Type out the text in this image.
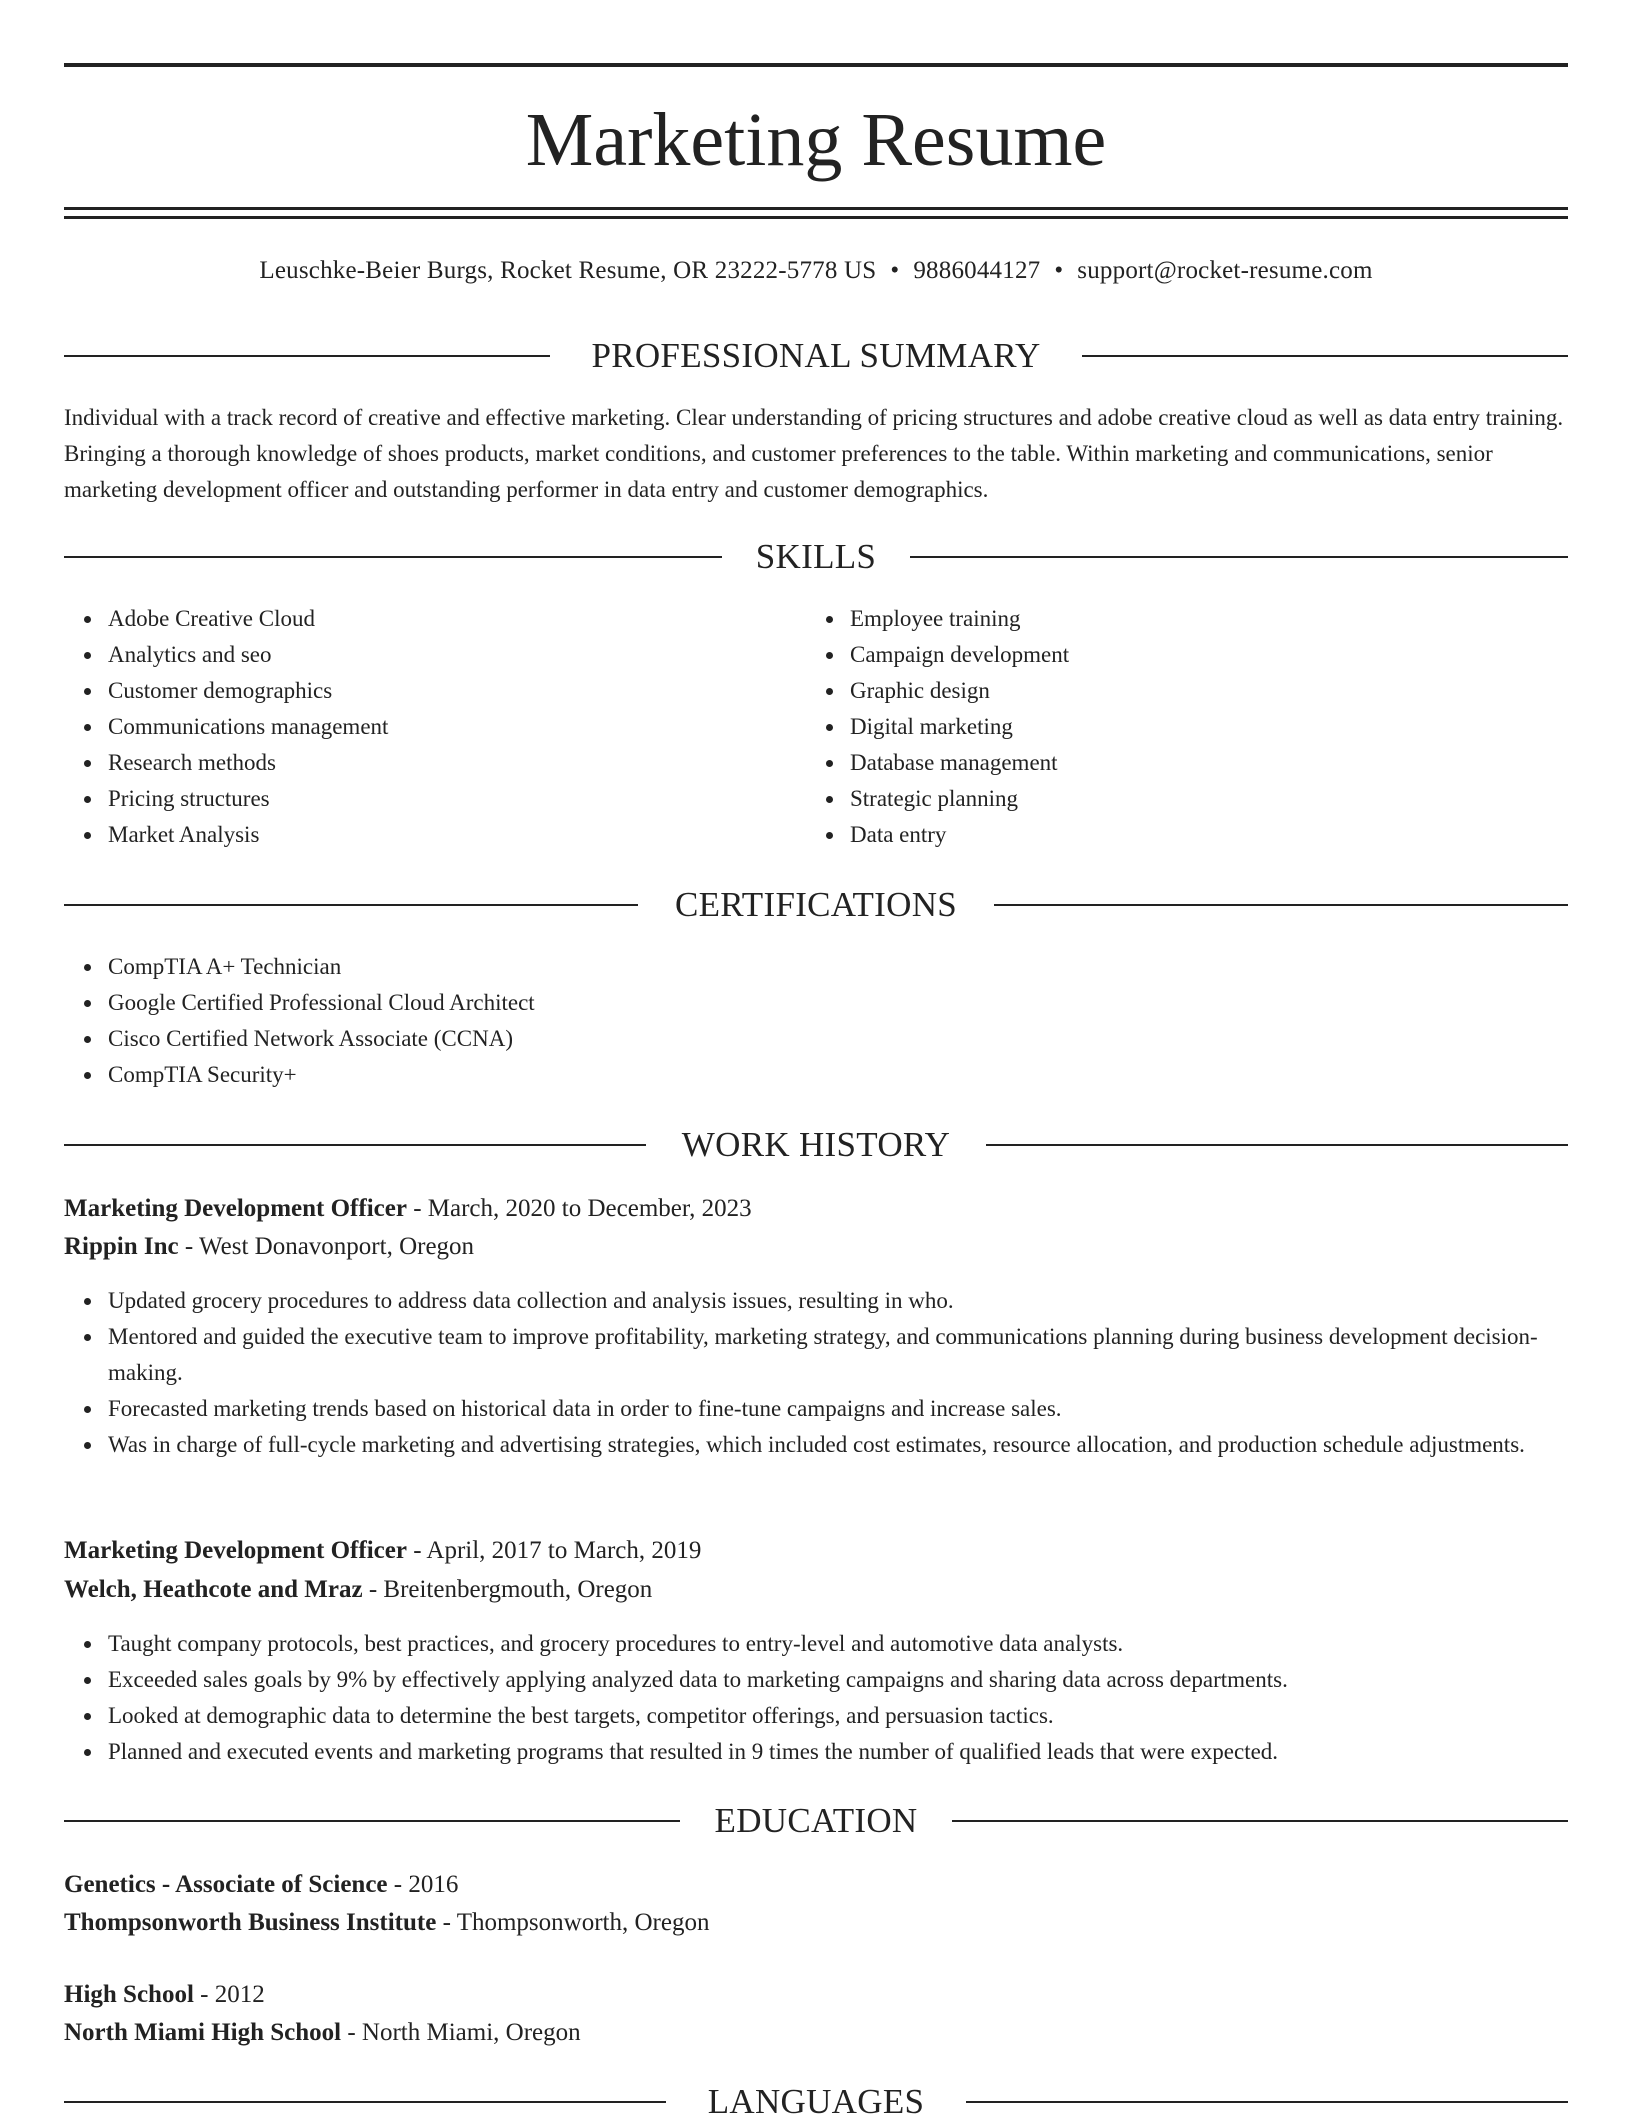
Marketing Resume
Leuschke-Beier Burgs, Rocket Resume, OR 23222-5778 US • 9886044127 • support@rocket-resume.com
PROFESSIONAL SUMMARY
Individual with a track record of creative and effective marketing. Clear understanding of pricing structures and adobe creative cloud as well as data entry training. Bringing a thorough knowledge of shoes products, market conditions, and customer preferences to the table. Within marketing and communications, senior marketing development officer and outstanding performer in data entry and customer demographics.
SKILLS
Adobe Creative Cloud
Analytics and seo
Customer demographics
Communications management
Research methods
Pricing structures
Market Analysis
Employee training
Campaign development
Graphic design
Digital marketing
Database management
Strategic planning
Data entry
CERTIFICATIONS
CompTIA A+ Technician
Google Certified Professional Cloud Architect
Cisco Certified Network Associate (CCNA)
CompTIA Security+
WORK HISTORY
Marketing Development Officer - March, 2020 to December, 2023
Rippin Inc - West Donavonport, Oregon
Updated grocery procedures to address data collection and analysis issues, resulting in who.
Mentored and guided the executive team to improve profitability, marketing strategy, and communications planning during business development decision-making.
Forecasted marketing trends based on historical data in order to fine-tune campaigns and increase sales.
Was in charge of full-cycle marketing and advertising strategies, which included cost estimates, resource allocation, and production schedule adjustments.
Marketing Development Officer - April, 2017 to March, 2019
Welch, Heathcote and Mraz - Breitenbergmouth, Oregon
Taught company protocols, best practices, and grocery procedures to entry-level and automotive data analysts.
Exceeded sales goals by 9% by effectively applying analyzed data to marketing campaigns and sharing data across departments.
Looked at demographic data to determine the best targets, competitor offerings, and persuasion tactics.
Planned and executed events and marketing programs that resulted in 9 times the number of qualified leads that were expected.
EDUCATION
Genetics - Associate of Science - 2016
Thompsonworth Business Institute - Thompsonworth, Oregon
High School - 2012
North Miami High School - North Miami, Oregon
LANGUAGES
